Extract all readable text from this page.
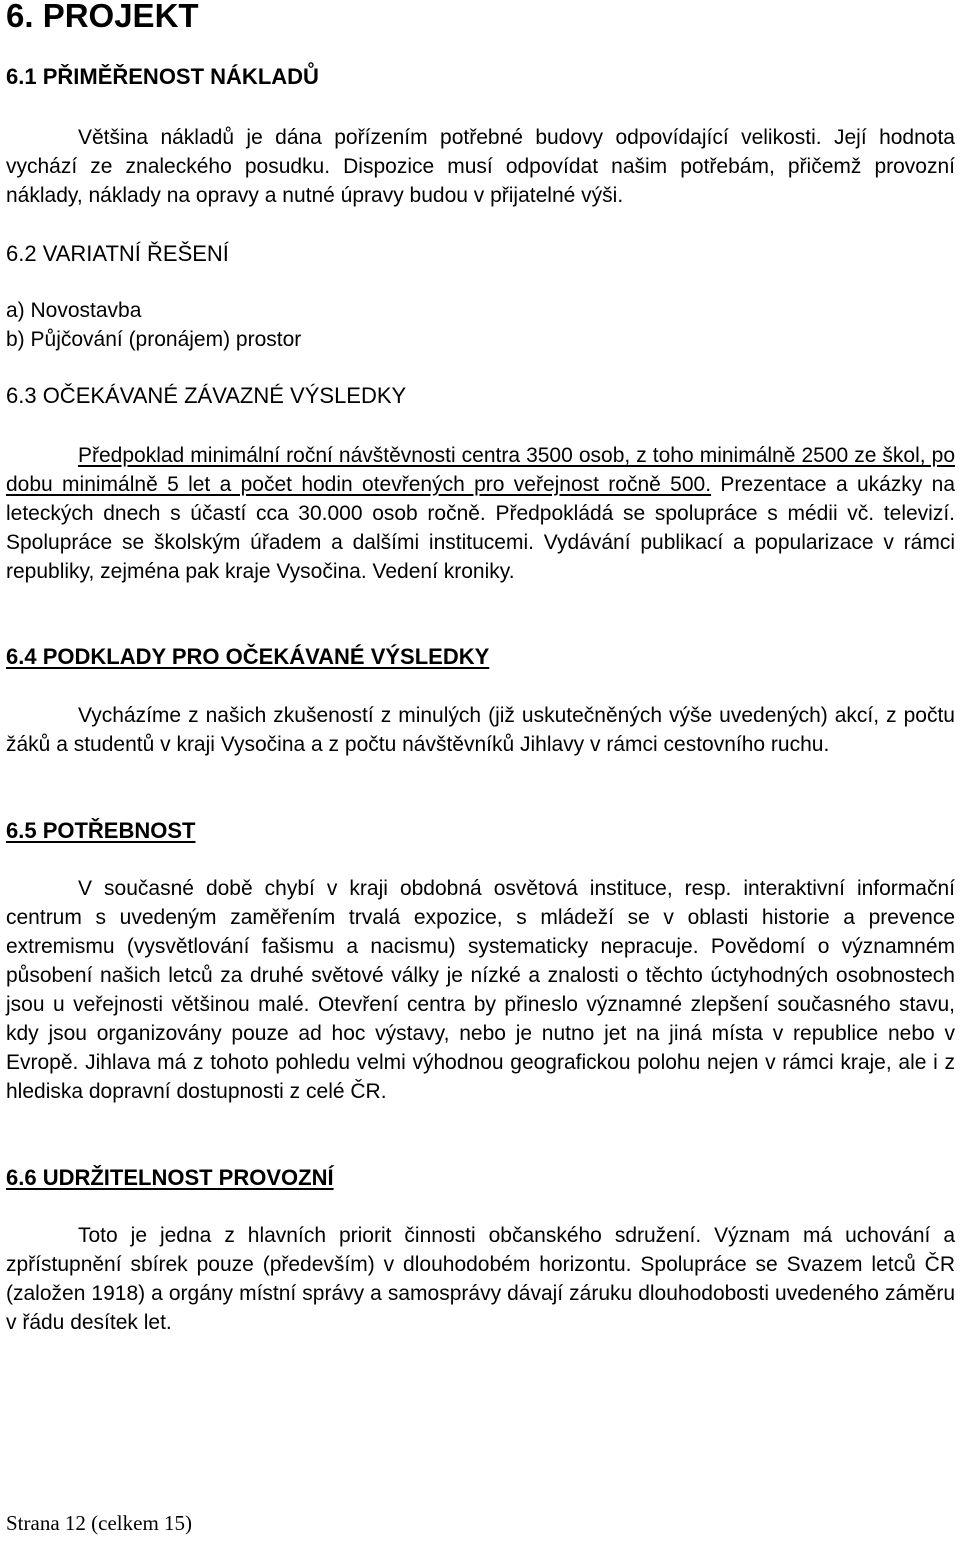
6. PROJEKT
6.1 PŘIMĚŘENOST NÁKLADŮ

Většina nákladů je dána pořízením potřebné budovy odpovídající velikosti. Její hodnota vychází ze znaleckého posudku. Dispozice musí odpovídat našim potřebám, přičemž provozní náklady, náklady na opravy a nutné úpravy budou v přijatelné výši.

6.2 VARIATNÍ ŘEŠENÍ

a) Novostavba

b) Půjčování (pronájem) prostor

6.3 OČEKÁVANÉ ZÁVAZNÉ VÝSLEDKY

Předpoklad minimální roční návštěvnosti centra 3500 osob, z toho minimálně 2500 ze škol, po dobu minimálně 5 let a počet hodin otevřených pro veřejnost ročně 500. Prezentace a ukázky na leteckých dnech s účastí cca 30.000 osob ročně. Předpokládá se spolupráce s médii vč. televizí. Spolupráce se školským úřadem a dalšími institucemi. Vydávání publikací a popularizace v rámci republiky, zejména pak kraje Vysočina. Vedení kroniky.

6.4 PODKLADY PRO OČEKÁVANÉ VÝSLEDKY

Vycházíme z našich zkušeností z minulých (již uskutečněných výše uvedených) akcí, z počtu žáků a studentů v kraji Vysočina a z počtu návštěvníků Jihlavy v rámci cestovního ruchu.

6.5 POTŘEBNOST

V současné době chybí v kraji obdobná osvětová instituce, resp. interaktivní informační centrum s uvedeným zaměřením trvalá expozice, s mládeží se v oblasti historie a prevence extremismu (vysvětlování fašismu a nacismu) systematicky nepracuje. Povědomí o významném působení našich letců za druhé světové války je nízké a znalosti o těchto úctyhodných osobnostech jsou u veřejnosti většinou malé. Otevření centra by přineslo významné zlepšení současného stavu, kdy jsou organizovány pouze ad hoc výstavy, nebo je nutno jet na jiná místa v republice nebo v Evropě. Jihlava má z tohoto pohledu velmi výhodnou geografickou polohu nejen v rámci kraje, ale i z hlediska dopravní dostupnosti z celé ČR.

6.6 UDRŽITELNOST PROVOZNÍ

Toto je jedna z hlavních priorit činnosti občanského sdružení. Význam má uchování a zpřístupnění sbírek pouze (především) v dlouhodobém horizontu. Spolupráce se Svazem letců ČR (založen 1918) a orgány místní správy a samosprávy dávají záruku dlouhodobosti uvedeného záměru v řádu desítek let.

Strana 12 (celkem 15)
